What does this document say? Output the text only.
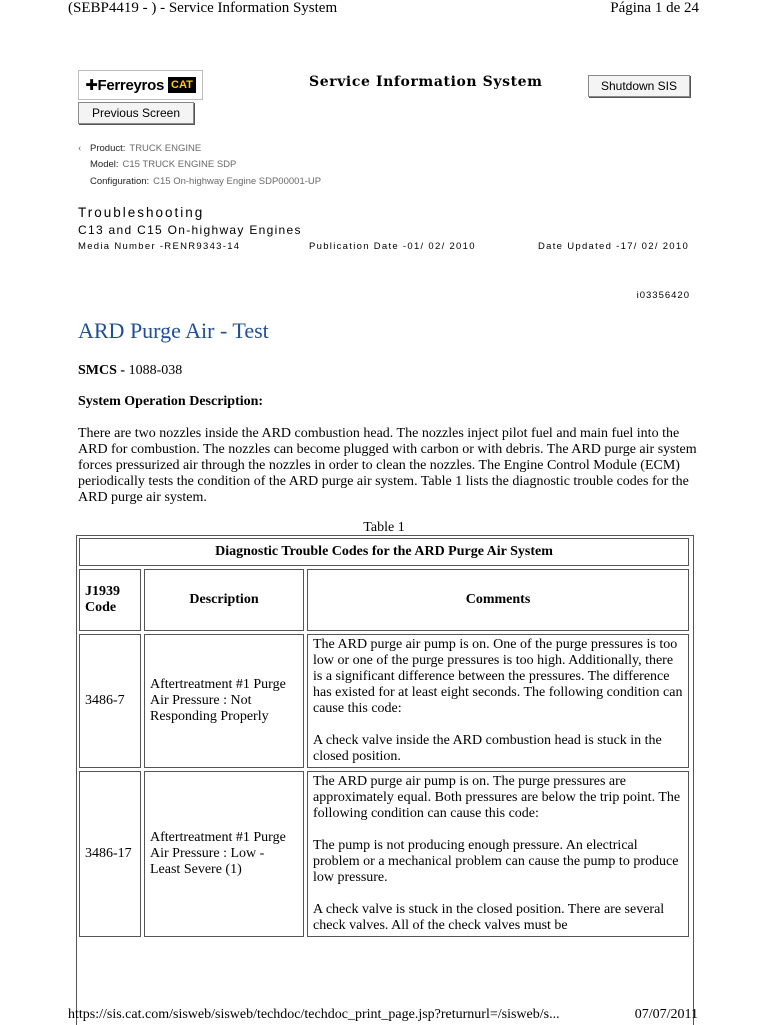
(SEBP4419 - ) - Service Information System	Página 1 de 24
✚Ferreyros CAT	Service Information System	Shutdown SIS
Previous Screen
‹ Product: TRUCK ENGINE
Model: C15 TRUCK ENGINE SDP
Configuration: C15 On-highway Engine SDP00001-UP
Troubleshooting
C13 and C15 On-highway Engines
Media Number -RENR9343-14	Publication Date -01/ 02/ 2010	Date Updated -17/ 02/ 2010
i03356420
ARD Purge Air - Test
SMCS - 1088-038
System Operation Description:

There are two nozzles inside the ARD combustion head. The nozzles inject pilot fuel and main fuel into the ARD for combustion. The nozzles can become plugged with carbon or with debris. The ARD purge air system forces pressurized air through the nozzles in order to clean the nozzles. The Engine Control Module (ECM) periodically tests the condition of the ARD purge air system. Table 1 lists the diagnostic trouble codes for the ARD purge air system.

Table 1
Diagnostic Trouble Codes for the ARD Purge Air System		
J1939 Code	Description	Comments
3486-7	Aftertreatment #1 Purge Air Pressure : Not Responding Properly	The ARD purge air pump is on. One of the purge pressures is too low or one of the purge pressures is too high. Additionally, there is a significant difference between the pressures. The difference has existed for at least eight seconds. The following condition can cause this code:

A check valve inside the ARD combustion head is stuck in the closed position.

3486-17	Aftertreatment #1 Purge Air Pressure : Low - Least Severe (1)	The ARD purge air pump is on. The purge pressures are approximately equal. Both pressures are below the trip point. The following condition can cause this code:

The pump is not producing enough pressure. An electrical problem or a mechanical problem can cause the pump to produce low pressure.

A check valve is stuck in the closed position. There are several check valves. All of the check valves must be

https://sis.cat.com/sisweb/sisweb/techdoc/techdoc_print_page.jsp?returnurl=/sisweb/s...	07/07/2011
